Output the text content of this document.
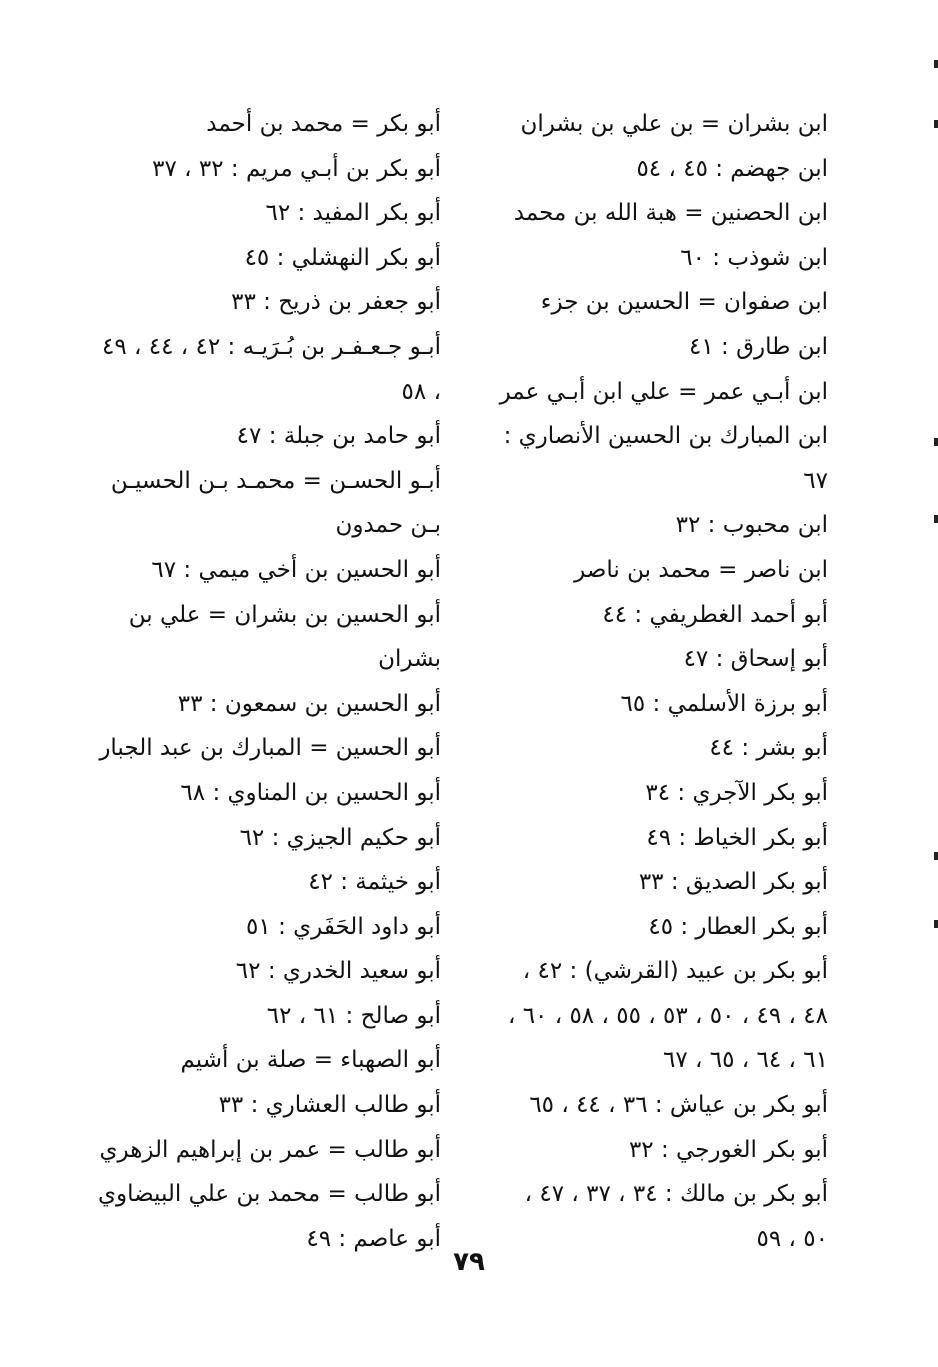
ابن بشران = بن علي بن بشران
ابن جهضم : ٤٥ ، ٥٤
ابن الحصنين = هبة الله بن محمد
ابن شوذب : ٦٠
ابن صفوان = الحسين بن جزء
ابن طارق : ٤١
ابن أبـي عمر = علي ابن أبـي عمر
ابن المبارك بن الحسين الأنصاري : ٦٧
ابن محبوب : ٣٢
ابن ناصر = محمد بن ناصر
أبو أحمد الغطريفي : ٤٤
أبو إسحاق : ٤٧
أبو برزة الأسلمي : ٦٥
أبو بشر : ٤٤
أبو بكر الآجري : ٣٤
أبو بكر الخياط : ٤٩
أبو بكر الصديق : ٣٣
أبو بكر العطار : ٤٥
أبو بكر بن عبيد (القرشي) : ٤٢ ، ٤٨ ، ٤٩ ، ٥٠ ، ٥٣ ، ٥٥ ، ٥٨ ، ٦٠ ، ٦١ ، ٦٤ ، ٦٥ ، ٦٧
أبو بكر بن عياش : ٣٦ ، ٤٤ ، ٦٥
أبو بكر الغورجي : ٣٢
أبو بكر بن مالك : ٣٤ ، ٣٧ ، ٤٧ ، ٥٠ ، ٥٩
أبو بكر = محمد بن أحمد
أبو بكر بن أبـي مريم : ٣٢ ، ٣٧
أبو بكر المفيد : ٦٢
أبو بكر النهشلي : ٤٥
أبو جعفر بن ذريح : ٣٣
أبـو جـعـفـر بن بُـرَيـه : ٤٢ ، ٤٤ ، ٤٩ ، ٥٨
أبو حامد بن جبلة : ٤٧
أبـو الحسـن = محمـد بـن الحسيـن بـن حمدون
أبو الحسين بن أخي ميمي : ٦٧
أبو الحسين بن بشران = علي بن بشران
أبو الحسين بن سمعون : ٣٣
أبو الحسين = المبارك بن عبد الجبار
أبو الحسين بن المناوي : ٦٨
أبو حكيم الجيزي : ٦٢
أبو خيثمة : ٤٢
أبو داود الحَفَري : ٥١
أبو سعيد الخدري : ٦٢
أبو صالح : ٦١ ، ٦٢
أبو الصهباء = صلة بن أشيم
أبو طالب العشاري : ٣٣
أبو طالب = عمر بن إبراهيم الزهري
أبو طالب = محمد بن علي البيضاوي
أبو عاصم : ٤٩
٧٩
